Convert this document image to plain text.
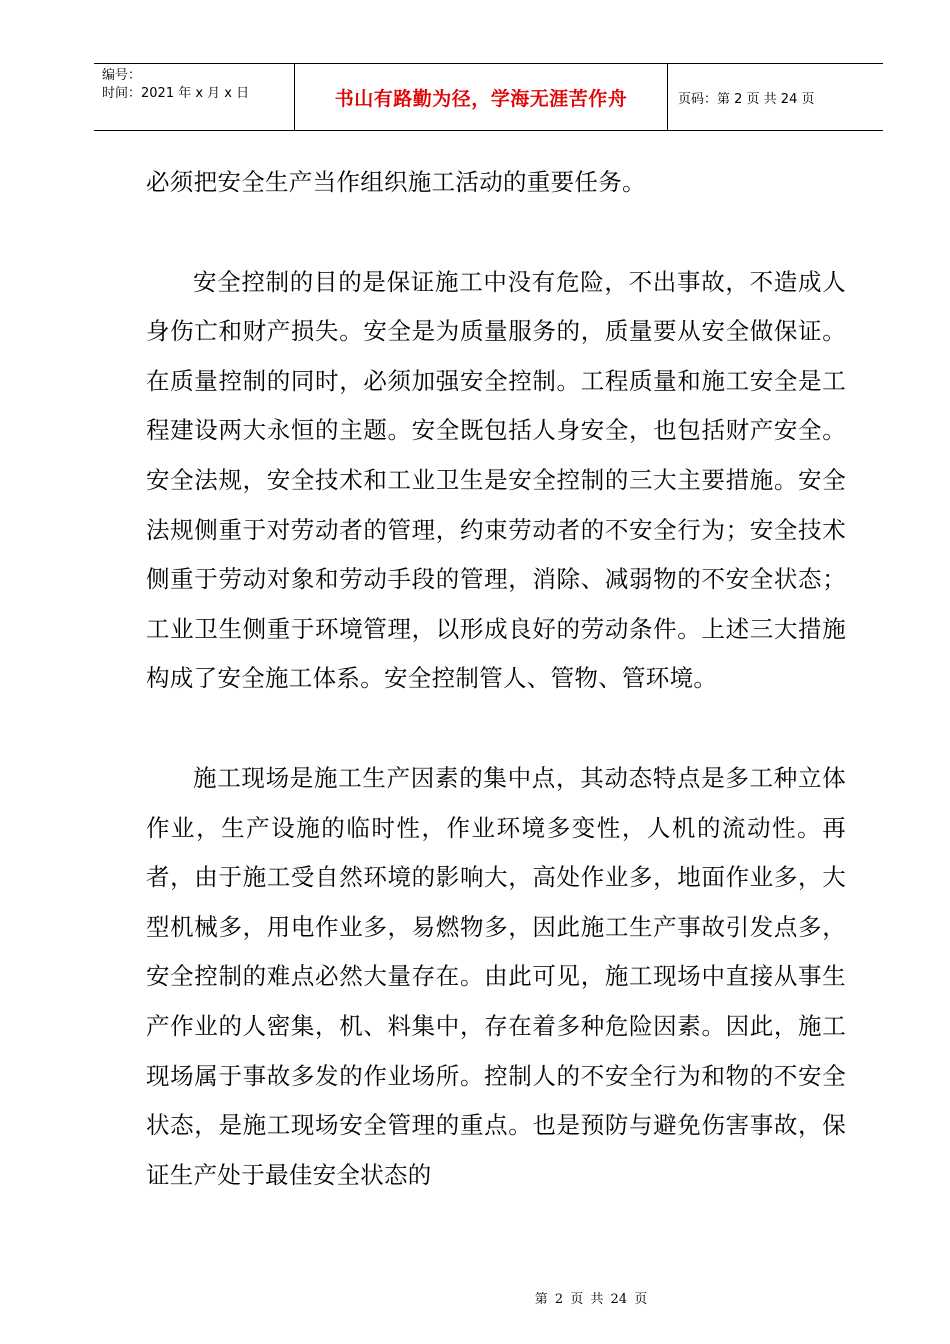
编号：
时间：2021 年 x 月 x 日	书山有路勤为径，学海无涯苦作舟	页码：第 2 页 共 24 页

必须把安全生产当作组织施工活动的重要任务。

安全控制的目的是保证施工中没有危险，不出事故，不造成人身伤亡和财产损失。安全是为质量服务的，质量要从安全做保证。在质量控制的同时，必须加强安全控制。工程质量和施工安全是工程建设两大永恒的主题。安全既包括人身安全，也包括财产安全。安全法规，安全技术和工业卫生是安全控制的三大主要措施。安全法规侧重于对劳动者的管理，约束劳动者的不安全行为；安全技术侧重于劳动对象和劳动手段的管理，消除、减弱物的不安全状态；工业卫生侧重于环境管理，以形成良好的劳动条件。上述三大措施构成了安全施工体系。安全控制管人、管物、管环境。

施工现场是施工生产因素的集中点，其动态特点是多工种立体作业，生产设施的临时性，作业环境多变性，人机的流动性。再者，由于施工受自然环境的影响大，高处作业多，地面作业多，大型机械多，用电作业多，易燃物多，因此施工生产事故引发点多，安全控制的难点必然大量存在。由此可见，施工现场中直接从事生产作业的人密集，机、料集中，存在着多种危险因素。因此，施工现场属于事故多发的作业场所。控制人的不安全行为和物的不安全状态，是施工现场安全管理的重点。也是预防与避免伤害事故，保证生产处于最佳安全状态的

第 2 页 共 24 页
